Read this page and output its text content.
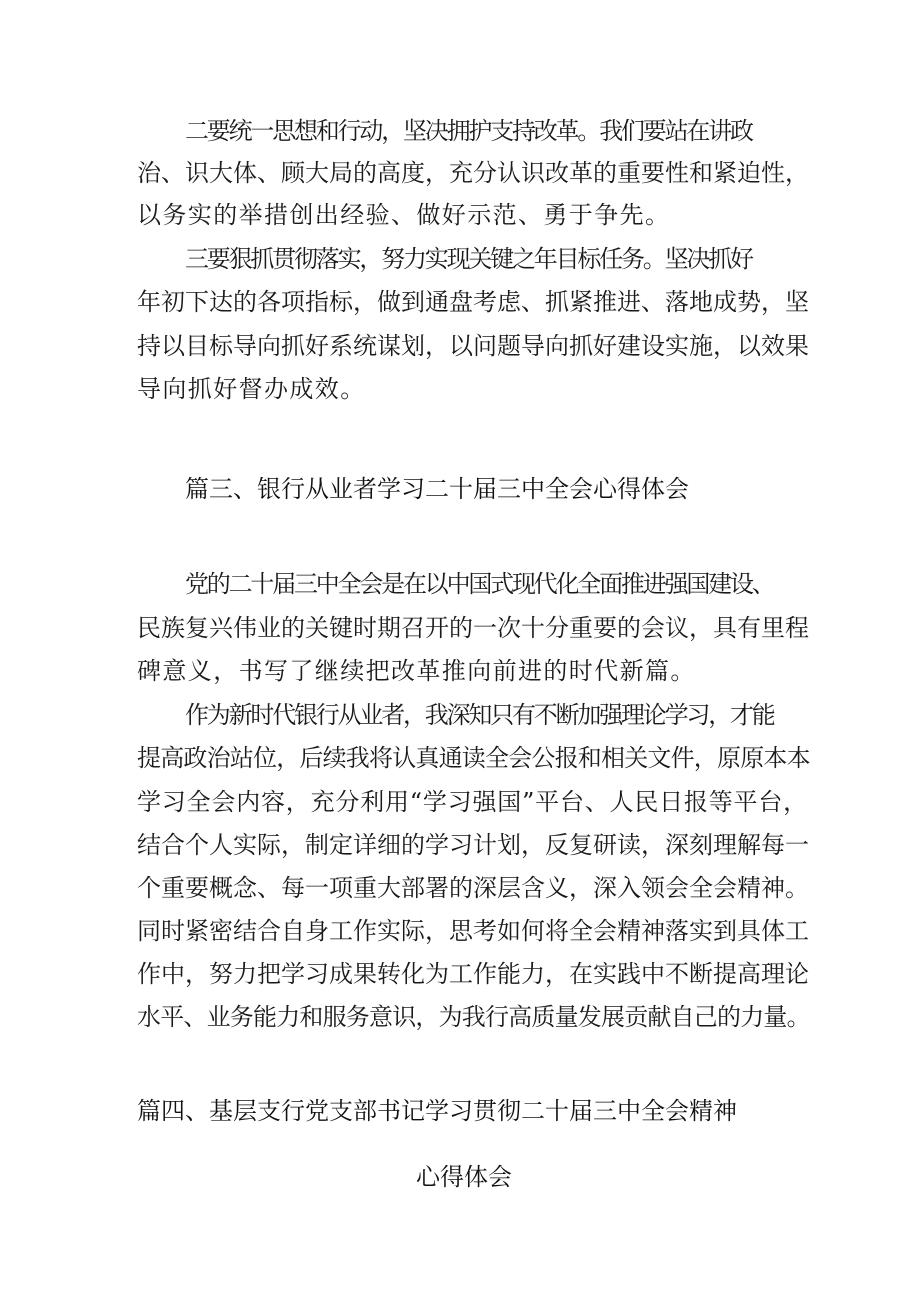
二要统一思想和行动，坚决拥护支持改革。我们要站在讲政
治、识大体、顾大局的高度，充分认识改革的重要性和紧迫性，
以务实的举措创出经验、做好示范、勇于争先。
三要狠抓贯彻落实，努力实现关键之年目标任务。坚决抓好
年初下达的各项指标，做到通盘考虑、抓紧推进、落地成势，坚
持以目标导向抓好系统谋划，以问题导向抓好建设实施，以效果
导向抓好督办成效。
篇三、银行从业者学习二十届三中全会心得体会
党的二十届三中全会是在以中国式现代化全面推进强国建设、
民族复兴伟业的关键时期召开的一次十分重要的会议，具有里程
碑意义，书写了继续把改革推向前进的时代新篇。
作为新时代银行从业者，我深知只有不断加强理论学习，才能
提高政治站位，后续我将认真通读全会公报和相关文件，原原本本
学习全会内容，充分利用“学习强国”平台、人民日报等平台，
结合个人实际，制定详细的学习计划，反复研读，深刻理解每一
个重要概念、每一项重大部署的深层含义，深入领会全会精神。
同时紧密结合自身工作实际，思考如何将全会精神落实到具体工
作中，努力把学习成果转化为工作能力，在实践中不断提高理论
水平、业务能力和服务意识，为我行高质量发展贡献自己的力量。
篇四、基层支行党支部书记学习贯彻二十届三中全会精神
心得体会
